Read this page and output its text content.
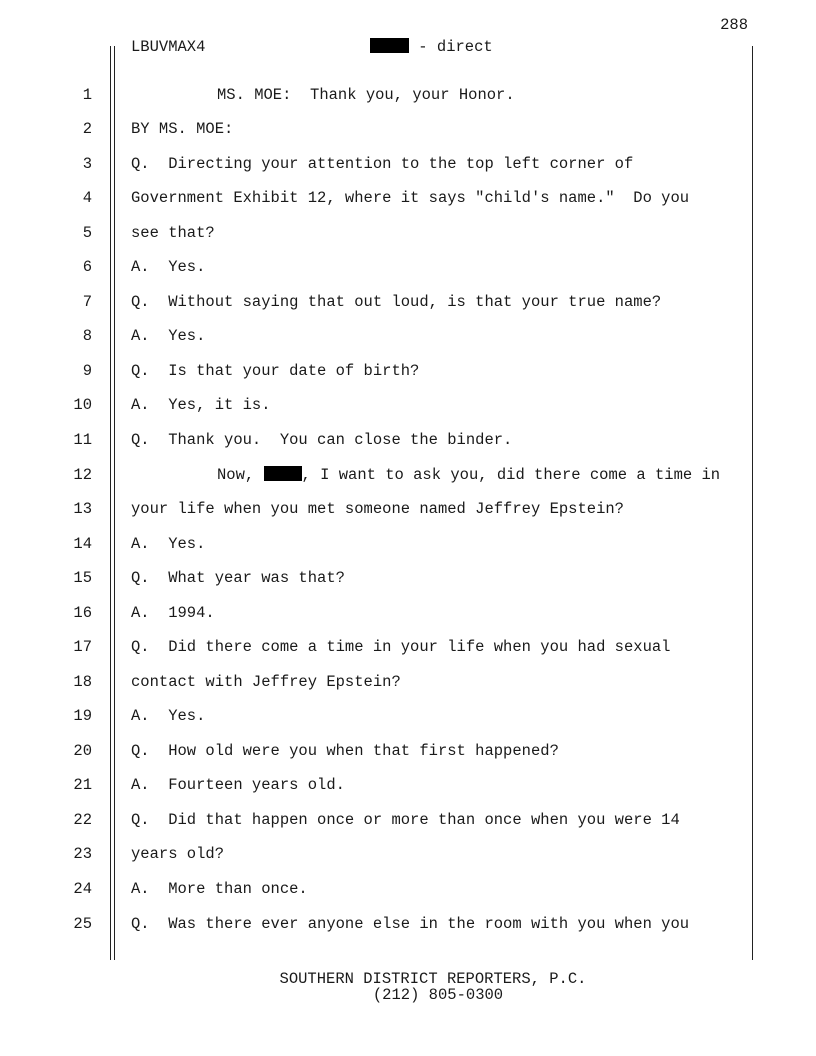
288
LBUVMAX4	- direct
1
2
3
4
5
6
7
8
9
10
11
12
13
14
15
16
17
18
19
20
21
22
23
24
25
MS. MOE:  Thank you, your Honor.
BY MS. MOE:
Q.  Directing your attention to the top left corner of
Government Exhibit 12, where it says "child's name."  Do you
see that?
A.  Yes.
Q.  Without saying that out loud, is that your true name?
A.  Yes.
Q.  Is that your date of birth?
A.  Yes, it is.
Q.  Thank you.  You can close the binder.
Now, , I want to ask you, did there come a time in
your life when you met someone named Jeffrey Epstein?
A.  Yes.
Q.  What year was that?
A.  1994.
Q.  Did there come a time in your life when you had sexual
contact with Jeffrey Epstein?
A.  Yes.
Q.  How old were you when that first happened?
A.  Fourteen years old.
Q.  Did that happen once or more than once when you were 14
years old?
A.  More than once.
Q.  Was there ever anyone else in the room with you when you
SOUTHERN DISTRICT REPORTERS, P.C.
(212) 805-0300
